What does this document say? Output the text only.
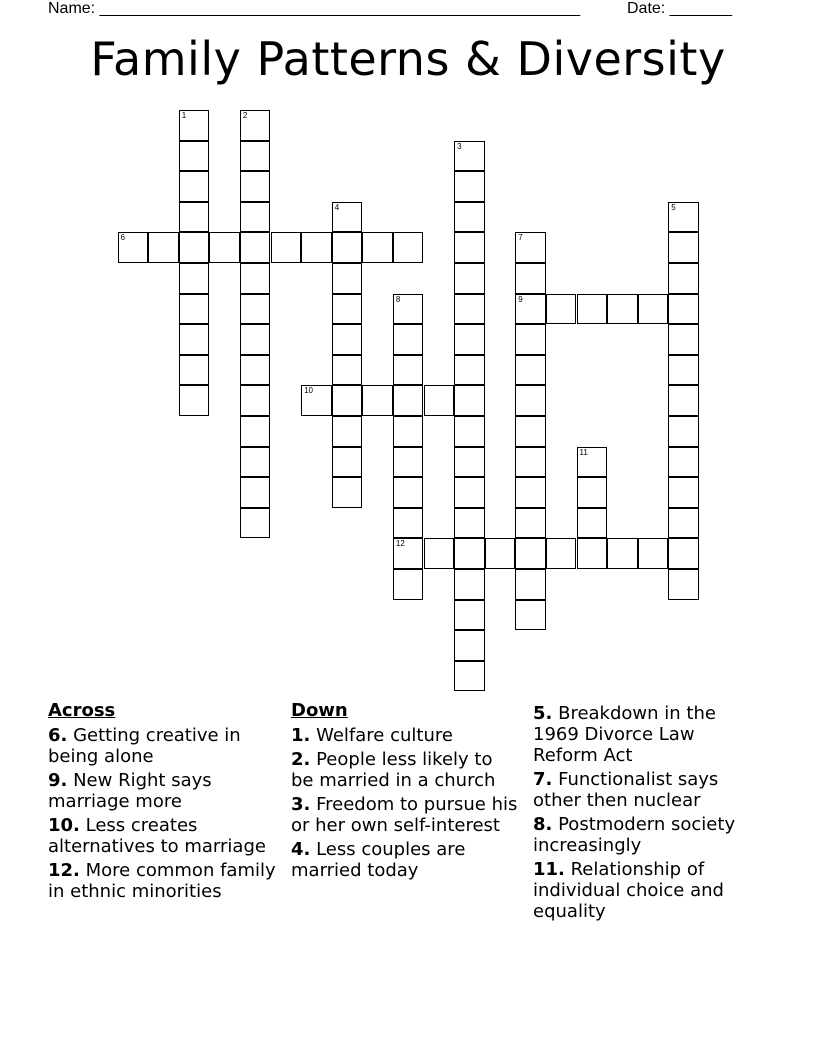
Name: ______________________________________________________	Date: _______
Family Patterns & Diversity
1	2
3
4	5
6	7
9
8
12
10
11
Across
6. Getting creative in being alone
9. New Right says marriage more
10. Less creates alternatives to marriage
12. More common family in ethnic minorities
Down
1. Welfare culture
2. People less likely to be married in a church
3. Freedom to pursue his or her own self-interest
4. Less couples are married today
5. Breakdown in the 1969 Divorce Law Reform Act
7. Functionalist says other then nuclear
8. Postmodern society increasingly
11. Relationship of individual choice and equality
